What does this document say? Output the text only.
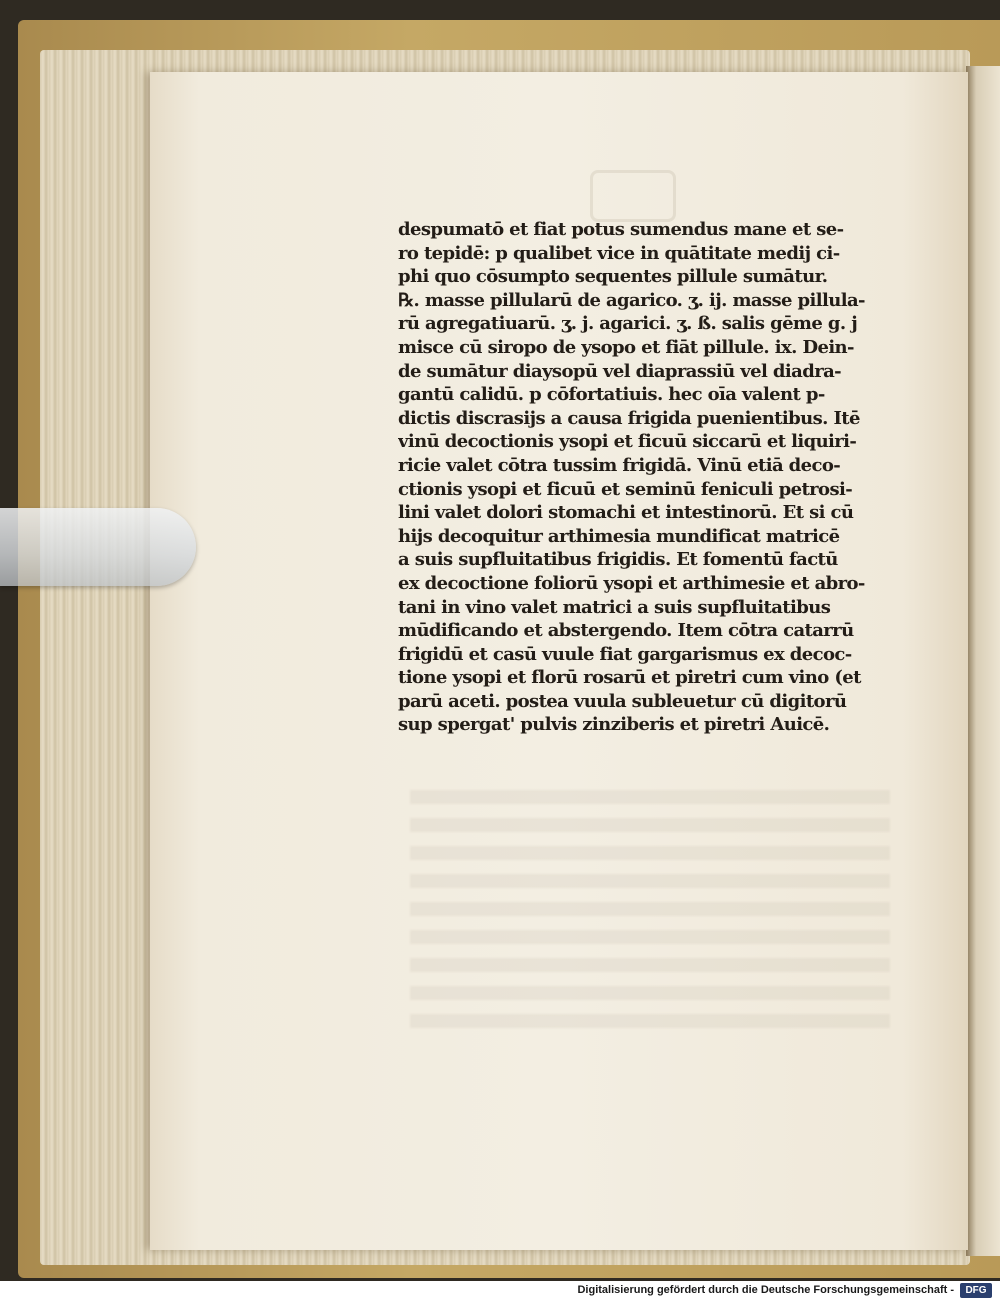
despumatō et fiat potus sumendus mane et se-
ro tepidē: p qualibet vice in quātitate medij ci-
phi quo cōsumpto sequentes pillule sumātur.
℞. masse pillularū de agarico. ʒ. ij. masse pillula-
rū agregatiuarū. ʒ. j. agarici. ʒ. ß. salis gēme g. j
misce cū siropo de ysopo et fiāt pillule. ix. Dein-
de sumātur diaysopū vel diaprassiū vel diadra-
gantū calidū. p cōfortatiuis. hec oīa valent p-
dictis discrasijs a causa frigida puenientibus. Itē
vinū decoctionis ysopi et ficuū siccarū et liquiri-
ricie valet cōtra tussim frigidā. Vinū etiā deco-
ctionis ysopi et ficuū et seminū feniculi petrosi-
lini valet dolori stomachi et intestinorū. Et si cū
hijs decoquitur arthimesia mundificat matricē
a suis supfluitatibus frigidis. Et fomentū factū
ex decoctione foliorū ysopi et arthimesie et abro-
tani in vino valet matrici a suis supfluitatibus
mūdificando et abstergendo. Item cōtra catarrū
frigidū et casū vuule fiat gargarismus ex decoc-
tione ysopi et florū rosarū et piretri cum vino (et
parū aceti. postea vuula subleuetur cū digitorū
sup spergat' pulvis zinziberis et piretri Auicē.
Digitalisierung gefördert durch die Deutsche Forschungsgemeinschaft -	DFG
